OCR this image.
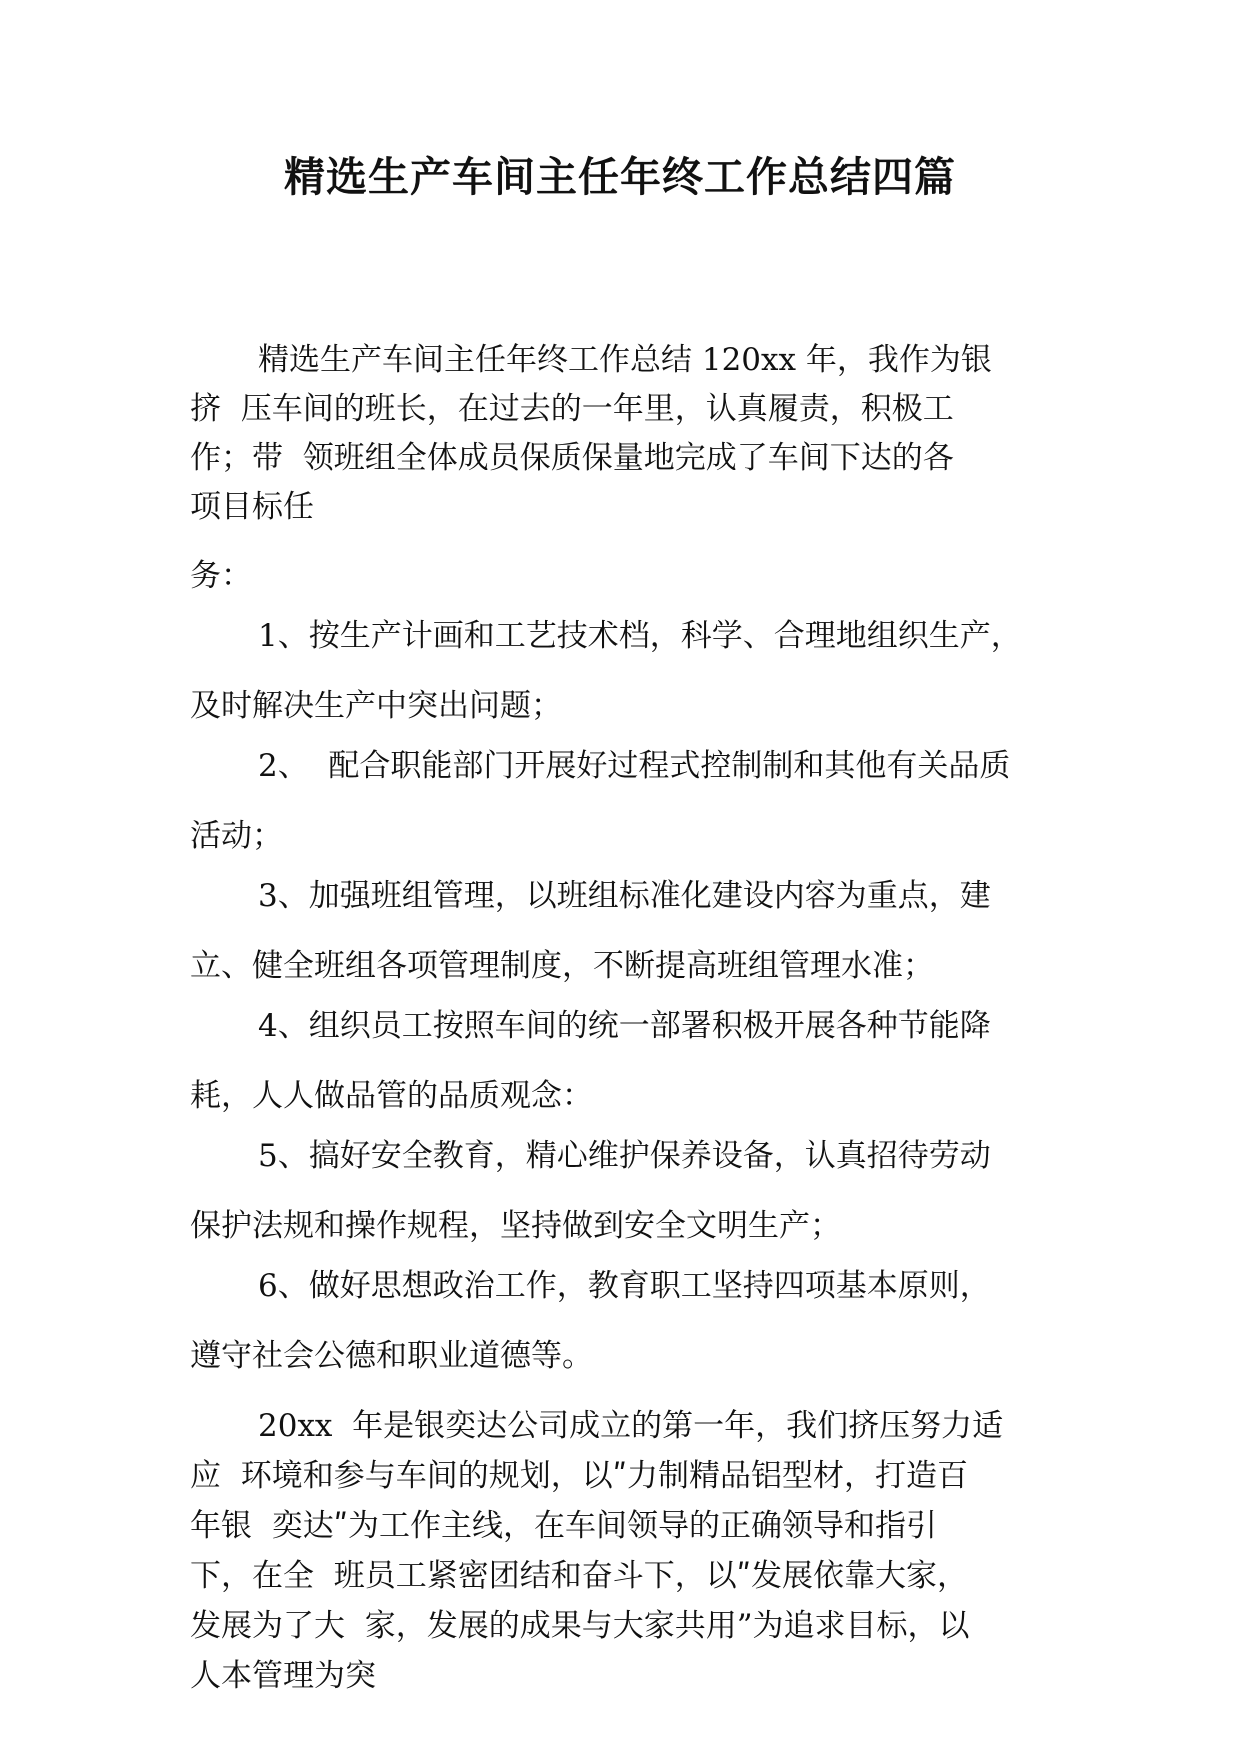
精选生产车间主任年终工作总结四篇
精选生产车间主任年终工作总结 120xx 年，我作为银
挤  压车间的班长，在过去的一年里，认真履责，积极工
作；带  领班组全体成员保质保量地完成了车间下达的各
项目标任
务：
1、按生产计画和工艺技术档，科学、合理地组织生产，
及时解决生产中突出问题；
2、  配合职能部门开展好过程式控制制和其他有关品质
活动；
3、加强班组管理，以班组标准化建设内容为重点，建
立、健全班组各项管理制度，不断提高班组管理水准；
4、组织员工按照车间的统一部署积极开展各种节能降
耗，人人做品管的品质观念：
5、搞好安全教育，精心维护保养设备，认真招待劳动
保护法规和操作规程，坚持做到安全文明生产；
6、做好思想政治工作，教育职工坚持四项基本原则，
遵守社会公德和职业道德等。
20xx  年是银奕达公司成立的第一年，我们挤压努力适
应  环境和参与车间的规划，以ʺ力制精品铝型材，打造百
年银  奕达ʺ为工作主线，在车间领导的正确领导和指引
下，在全  班员工紧密团结和奋斗下，以ʺ发展依靠大家，
发展为了大  家，发展的成果与大家共用”为追求目标，以
人本管理为突
